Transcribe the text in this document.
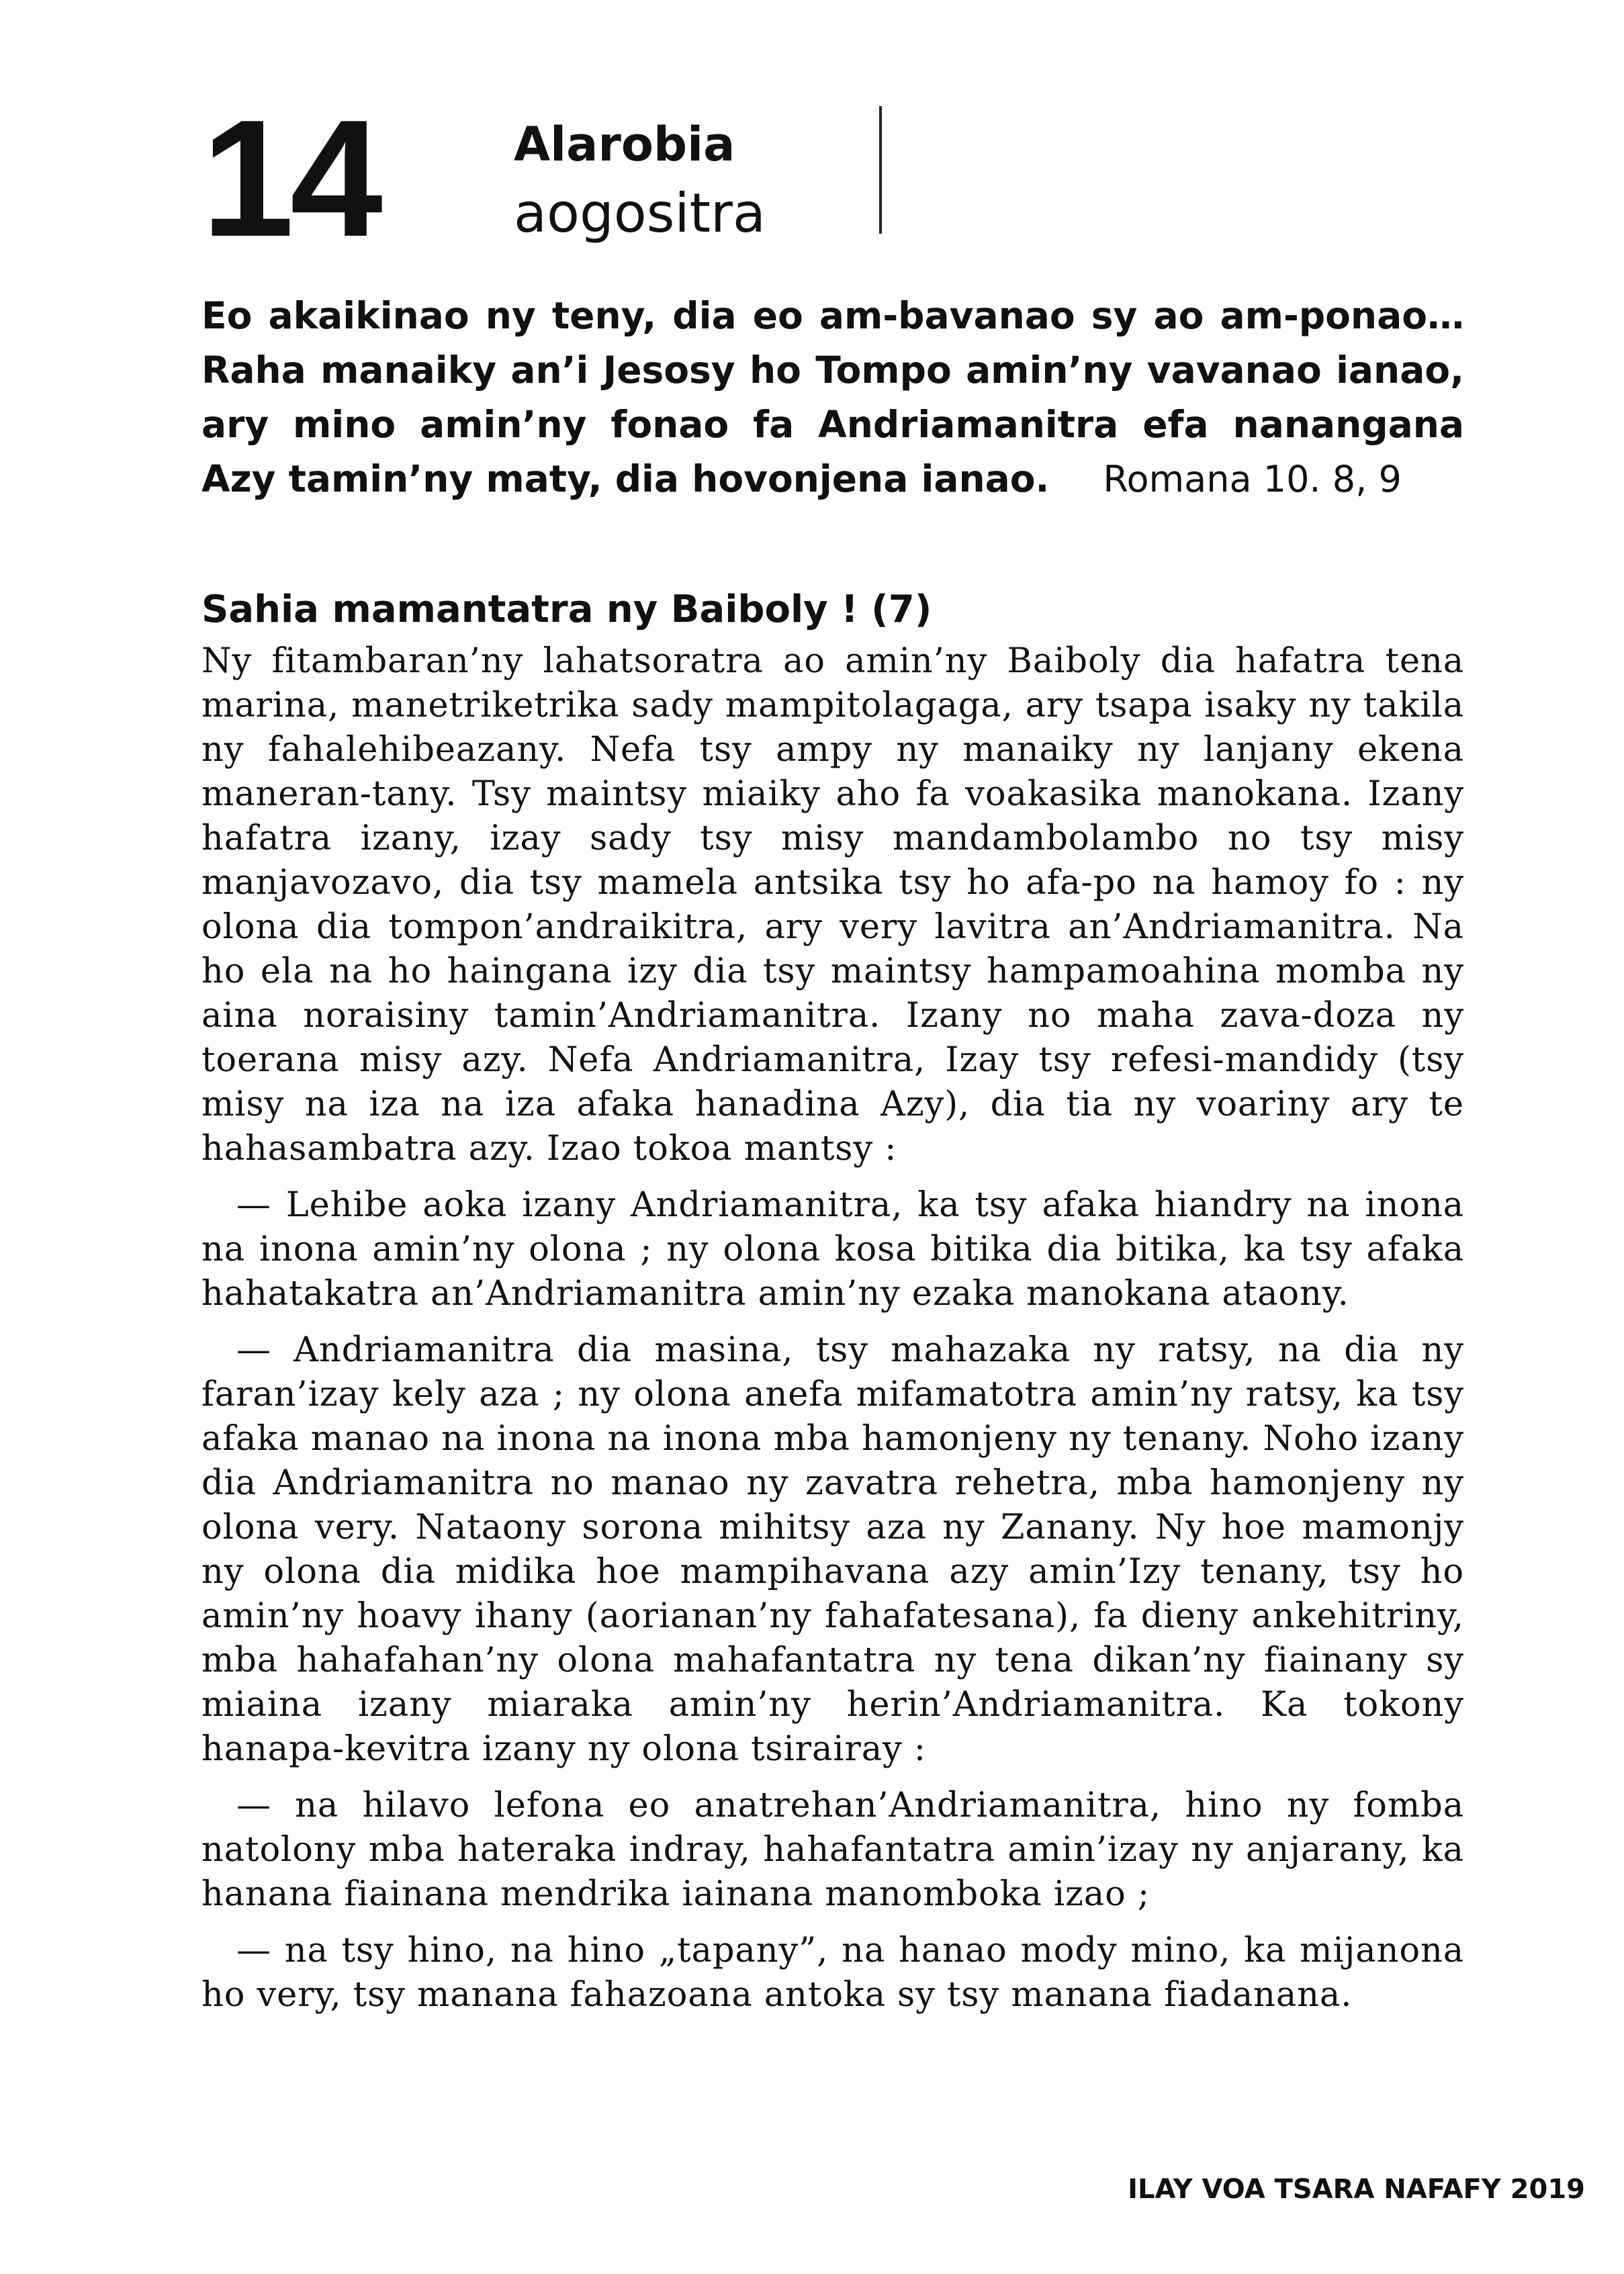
14	Alarobia
aogositra
Eo akaikinao ny teny, dia eo am-bavanao sy ao am-ponao… Raha manaiky an’i Jesosy ho Tompo amin’ny vavanao ianao, ary mino amin’ny fonao fa Andriamanitra efa nanangana Azy tamin’ny maty, dia hovonjena ianao. Romana 10. 8, 9
Sahia mamantatra ny Baiboly ! (7)

Ny fitambaran’ny lahatsoratra ao amin’ny Baiboly dia hafatra tena marina, manetriketrika sady mampitolagaga, ary tsapa isaky ny takila ny fahalehibeazany. Nefa tsy ampy ny manaiky ny lanjany ekena maneran-tany. Tsy maintsy miaiky aho fa voakasika manokana. Izany hafatra izany, izay sady tsy misy mandambolambo no tsy misy manjavozavo, dia tsy mamela antsika tsy ho afa-po na hamoy fo : ny olona dia tompon’andraikitra, ary very lavitra an’Andriamanitra. Na ho ela na ho haingana izy dia tsy maintsy hampamoahina momba ny aina noraisiny tamin’Andriamanitra. Izany no maha zava-doza ny toerana misy azy. Nefa Andriamanitra, Izay tsy refesi-mandidy (tsy misy na iza na iza afaka hanadina Azy), dia tia ny voariny ary te hahasambatra azy. Izao tokoa mantsy :

— Lehibe aoka izany Andriamanitra, ka tsy afaka hiandry na inona na inona amin’ny olona ; ny olona kosa bitika dia bitika, ka tsy afaka hahatakatra an’Andriamanitra amin’ny ezaka manokana ataony.

— Andriamanitra dia masina, tsy mahazaka ny ratsy, na dia ny faran’izay kely aza ; ny olona anefa mifamatotra amin’ny ratsy, ka tsy afaka manao na inona na inona mba hamonjeny ny tenany. Noho izany dia Andriamanitra no manao ny zavatra rehetra, mba hamonjeny ny olona very. Nataony sorona mihitsy aza ny Zanany. Ny hoe mamonjy ny olona dia midika hoe mampihavana azy amin’Izy tenany, tsy ho amin’ny hoavy ihany (aorianan’ny fahafatesana), fa dieny ankehitriny, mba hahafahan’ny olona mahafantatra ny tena dikan’ny fiainany sy miaina izany miaraka amin’ny herin’Andriamanitra. Ka tokony hanapa-kevitra izany ny olona tsirairay :

— na hilavo lefona eo anatrehan’Andriamanitra, hino ny fomba natolony mba hateraka indray, hahafantatra amin’izay ny anjarany, ka hanana fiainana mendrika iainana manomboka izao ;

— na tsy hino, na hino „tapany”, na hanao mody mino, ka mijanona ho very, tsy manana fahazoana antoka sy tsy manana fiadanana.

ILAY VOA TSARA NAFAFY 2019
